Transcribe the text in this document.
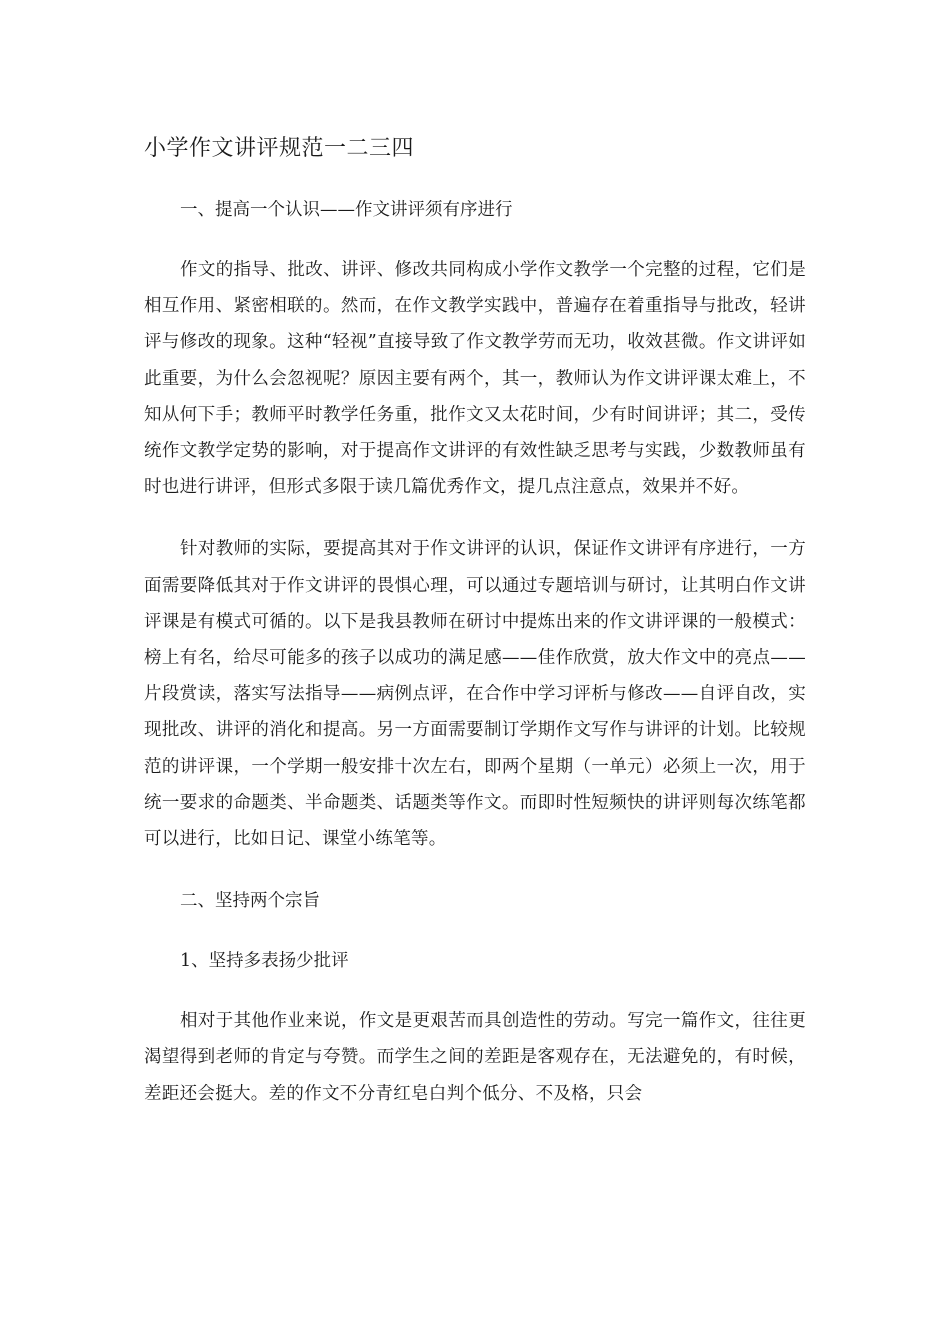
小学作文讲评规范一二三四

一、提高一个认识——作文讲评须有序进行

作文的指导、批改、讲评、修改共同构成小学作文教学一个完整的过程，它们是相互作用、紧密相联的。然而，在作文教学实践中，普遍存在着重指导与批改，轻讲评与修改的现象。这种“轻视”直接导致了作文教学劳而无功，收效甚微。作文讲评如此重要，为什么会忽视呢？原因主要有两个，其一，教师认为作文讲评课太难上，不知从何下手；教师平时教学任务重，批作文又太花时间，少有时间讲评；其二，受传统作文教学定势的影响，对于提高作文讲评的有效性缺乏思考与实践，少数教师虽有时也进行讲评，但形式多限于读几篇优秀作文，提几点注意点，效果并不好。

针对教师的实际，要提高其对于作文讲评的认识，保证作文讲评有序进行，一方面需要降低其对于作文讲评的畏惧心理，可以通过专题培训与研讨，让其明白作文讲评课是有模式可循的。以下是我县教师在研讨中提炼出来的作文讲评课的一般模式：榜上有名，给尽可能多的孩子以成功的满足感——佳作欣赏，放大作文中的亮点——片段赏读，落实写法指导——病例点评，在合作中学习评析与修改——自评自改，实现批改、讲评的消化和提高。另一方面需要制订学期作文写作与讲评的计划。比较规范的讲评课，一个学期一般安排十次左右，即两个星期（一单元）必须上一次，用于统一要求的命题类、半命题类、话题类等作文。而即时性短频快的讲评则每次练笔都可以进行，比如日记、课堂小练笔等。

二、坚持两个宗旨

1、坚持多表扬少批评

相对于其他作业来说，作文是更艰苦而具创造性的劳动。写完一篇作文，往往更渴望得到老师的肯定与夸赞。而学生之间的差距是客观存在，无法避免的，有时候，差距还会挺大。差的作文不分青红皂白判个低分、不及格，只会
